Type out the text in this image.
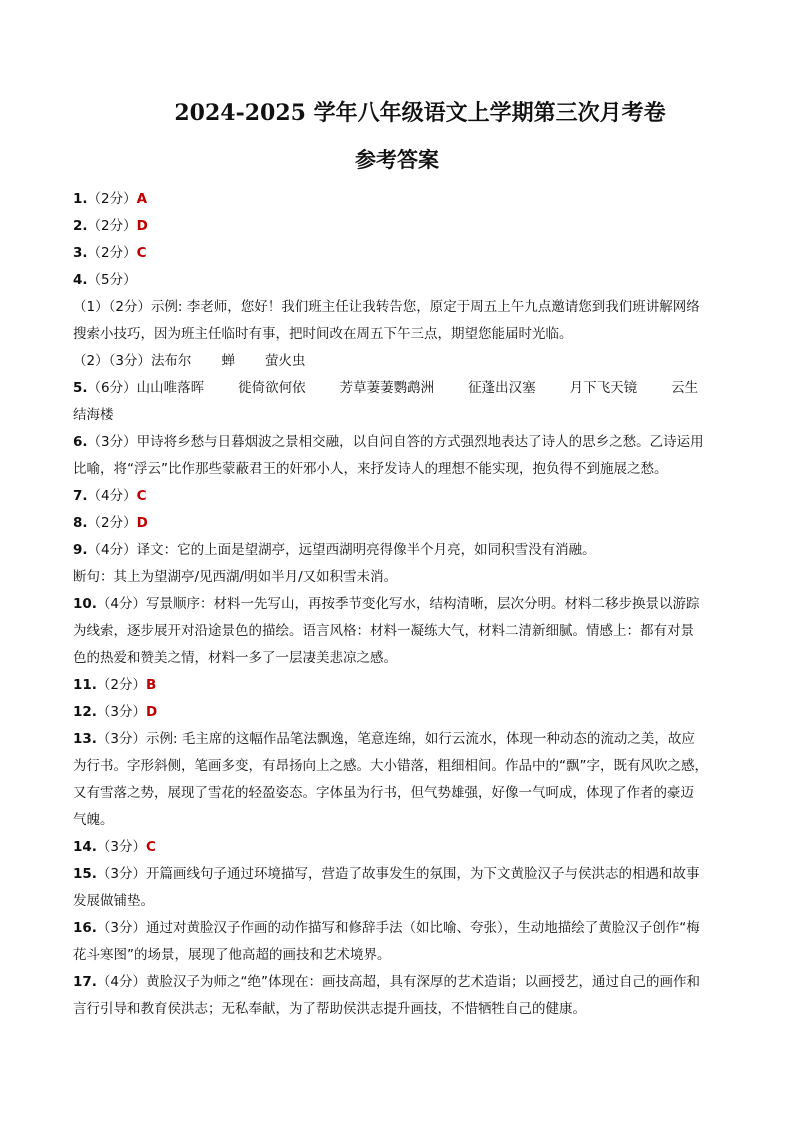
2024-2025 学年八年级语文上学期第三次月考卷
参考答案

1.（2分）A

2.（2分）D

3.（2分）C

4.（5分）
（1）（2分）示例: 李老师，您好！我们班主任让我转告您，原定于周五上午九点邀请您到我们班讲解网络
搜索小技巧，因为班主任临时有事，把时间改在周五下午三点，期望您能届时光临。
（2）（3分）法布尔 蝉 萤火虫
5.（6分）山山唯落晖	徙倚欲何依	芳草萋萋鹦鹉洲	征蓬出汉塞	月下飞天镜	云生
结海楼
6.（3分）甲诗将乡愁与日暮烟波之景相交融，以自问自答的方式强烈地表达了诗人的思乡之愁。乙诗运用
比喻，将“浮云”比作那些蒙蔽君王的奸邪小人，来抒发诗人的理想不能实现，抱负得不到施展之愁。

7.（4分）C

8.（2分）D

9.（4分）译文：它的上面是望湖亭，远望西湖明亮得像半个月亮，如同积雪没有消融。
断句：其上为望湖亭/见西湖/明如半月/又如积雪未消。
10.（4分）写景顺序：材料一先写山，再按季节变化写水，结构清晰，层次分明。材料二移步换景以游踪
为线索，逐步展开对沿途景色的描绘。语言风格：材料一凝练大气，材料二清新细腻。情感上：都有对景
色的热爱和赞美之情，材料一多了一层凄美悲凉之感。

11.（2分）B

12.（3分）D

13.（3分）示例: 毛主席的这幅作品笔法飘逸，笔意连绵，如行云流水，体现一种动态的流动之美，故应
为行书。字形斜侧，笔画多变，有昂扬向上之感。大小错落，粗细相间。作品中的“飘”字，既有风吹之感，
又有雪落之势，展现了雪花的轻盈姿态。字体虽为行书，但气势雄强，好像一气呵成，体现了作者的豪迈
气魄。

14.（3分）C

15.（3分）开篇画线句子通过环境描写，营造了故事发生的氛围，为下文黄脸汉子与侯洪志的相遇和故事
发展做铺垫。
16.（3分）通过对黄脸汉子作画的动作描写和修辞手法（如比喻、夸张），生动地描绘了黄脸汉子创作“梅
花斗寒图”的场景，展现了他高超的画技和艺术境界。
17.（4分）黄脸汉子为师之“绝”体现在：画技高超，具有深厚的艺术造诣；以画授艺，通过自己的画作和
言行引导和教育侯洪志；无私奉献，为了帮助侯洪志提升画技，不惜牺牲自己的健康。
